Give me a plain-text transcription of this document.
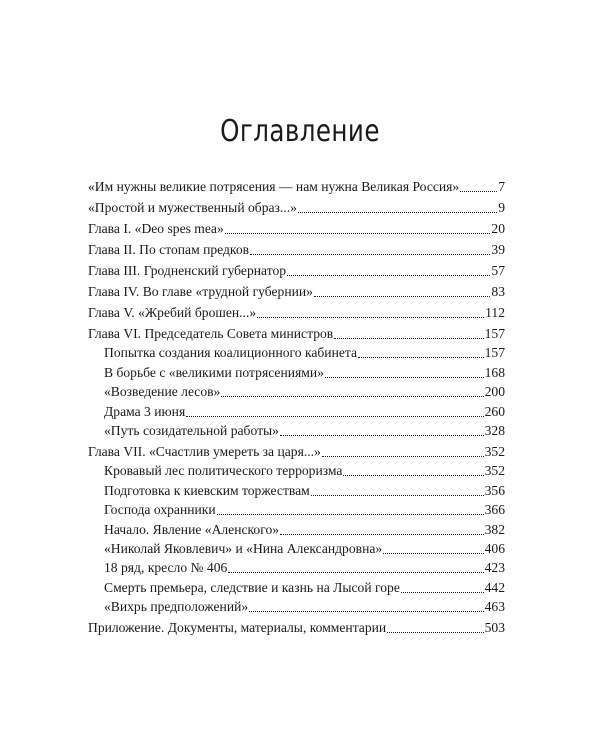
Оглавление
«Им нужны великие потрясения — нам нужна Великая Россия»	7
«Простой и мужественный образ...»	9
Глава I. «Deo spes mea»	20
Глава II. По стопам предков	39
Глава III. Гродненский губернатор	57
Глава IV. Во главе «трудной губернии»	83
Глава V. «Жребий брошен...»	112
Глава VI. Председатель Совета министров	157
Попытка создания коалиционного кабинета	157
В борьбе с «великими потрясениями»	168
«Возведение лесов»	200
Драма 3 июня	260
«Путь созидательной работы»	328
Глава VII. «Счастлив умереть за царя...»	352
Кровавый лес политического терроризма	352
Подготовка к киевским торжествам	356
Господа охранники	366
Начало. Явление «Аленского»	382
«Николай Яковлевич» и «Нина Александровна»	406
18 ряд, кресло № 406	423
Смерть премьера, следствие и казнь на Лысой горе	442
«Вихрь предположений»	463
Приложение. Документы, материалы, комментарии	503
